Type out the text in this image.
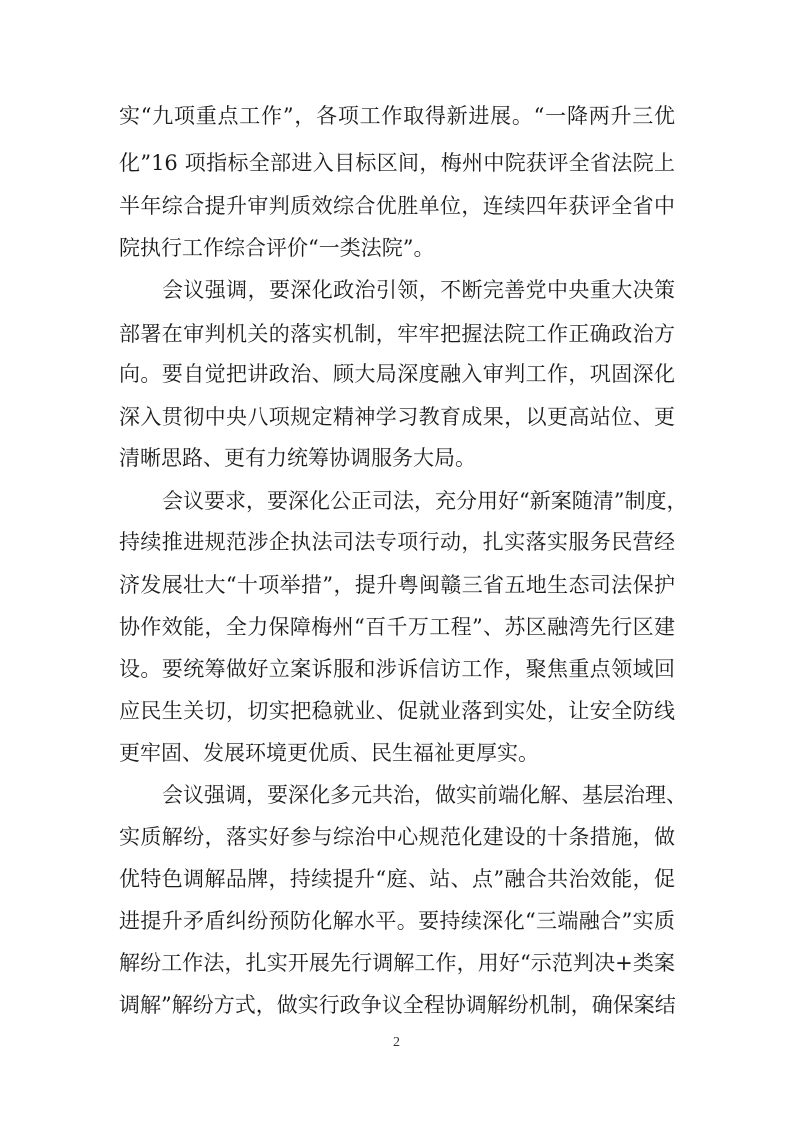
实“九项重点工作”，各项工作取得新进展。“一降两升三优
化”16 项指标全部进入目标区间，梅州中院获评全省法院上
半年综合提升审判质效综合优胜单位，连续四年获评全省中
院执行工作综合评价“一类法院”。
会议强调，要深化政治引领，不断完善党中央重大决策
部署在审判机关的落实机制，牢牢把握法院工作正确政治方
向。要自觉把讲政治、顾大局深度融入审判工作，巩固深化
深入贯彻中央八项规定精神学习教育成果，以更高站位、更
清晰思路、更有力统筹协调服务大局。
会议要求，要深化公正司法，充分用好“新案随清”制度，
持续推进规范涉企执法司法专项行动，扎实落实服务民营经
济发展壮大“十项举措”，提升粤闽赣三省五地生态司法保护
协作效能，全力保障梅州“百千万工程”、苏区融湾先行区建
设。要统筹做好立案诉服和涉诉信访工作，聚焦重点领域回
应民生关切，切实把稳就业、促就业落到实处，让安全防线
更牢固、发展环境更优质、民生福祉更厚实。
会议强调，要深化多元共治，做实前端化解、基层治理、
实质解纷，落实好参与综治中心规范化建设的十条措施，做
优特色调解品牌，持续提升“庭、站、点”融合共治效能，促
进提升矛盾纠纷预防化解水平。要持续深化“三端融合”实质
解纷工作法，扎实开展先行调解工作，用好“示范判决+类案
调解”解纷方式，做实行政争议全程协调解纷机制，确保案结
2
